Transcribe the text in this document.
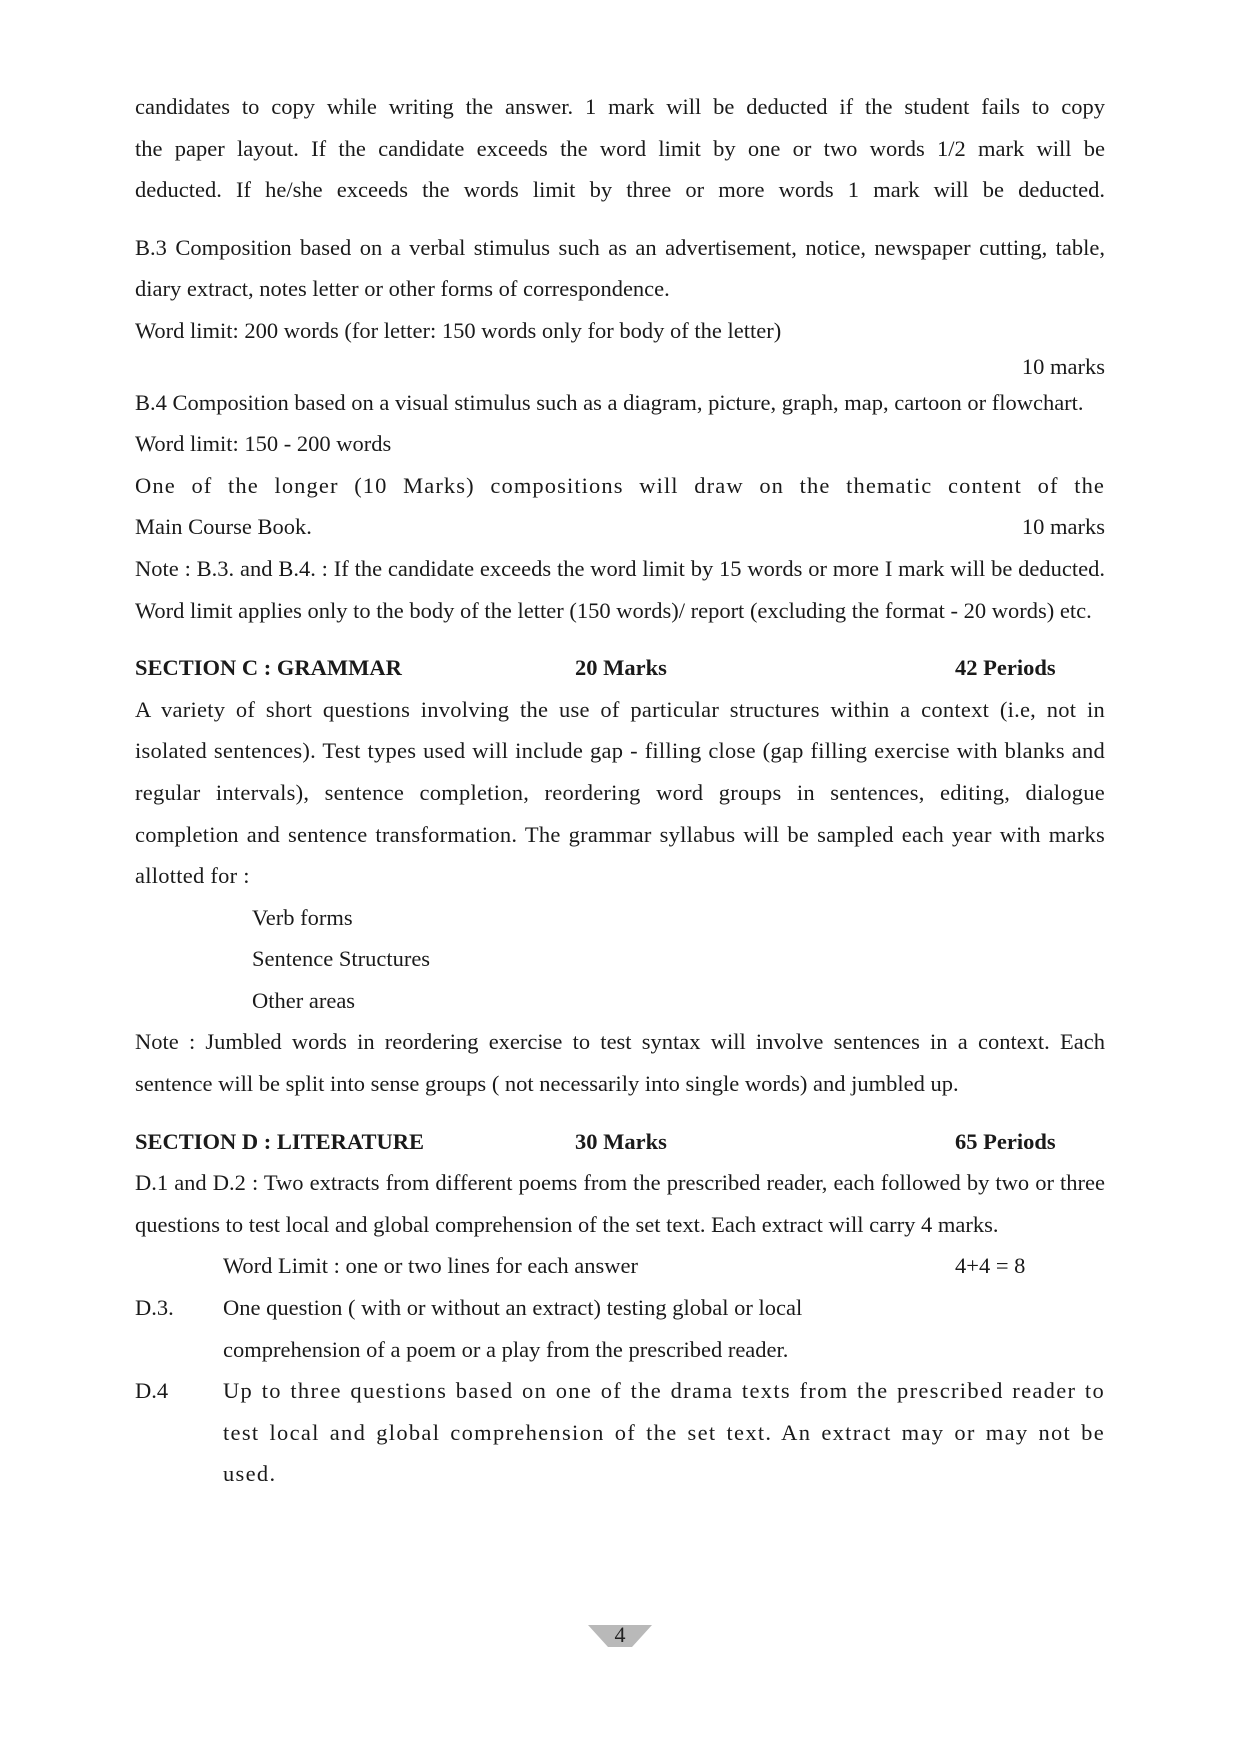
candidates to copy while writing the answer. 1 mark will be deducted if the student fails to copy

the paper layout. If the candidate exceeds the word limit by one or two words 1/2 mark will be

deducted. If he/she exceeds the words limit by three or more words 1 mark will be deducted.

B.3 Composition based on a verbal stimulus such as an advertisement, notice, newspaper cutting, table, diary extract, notes letter or other forms of correspondence.

Word limit: 200 words (for letter: 150 words only for body of the letter)

10 marks

B.4 Composition based on a visual stimulus such as a diagram, picture, graph, map, cartoon or flowchart.

Word limit: 150 - 200 words

One of the longer (10 Marks) compositions will draw on the thematic content of the

Main Course Book.	10 marks

Note : B.3. and B.4. : If the candidate exceeds the word limit by 15 words or more I mark will be deducted. Word limit applies only to the body of the letter (150 words)/ report (excluding the format - 20 words) etc.

SECTION C : GRAMMAR	20 Marks	42 Periods

A variety of short questions involving the use of particular structures within a context (i.e, not in isolated sentences). Test types used will include gap - filling close (gap filling exercise with blanks and regular intervals), sentence completion, reordering word groups in sentences, editing, dialogue completion and sentence transformation. The grammar syllabus will be sampled each year with marks allotted for :

Verb forms
Sentence Structures
Other areas

Note : Jumbled words in reordering exercise to test syntax will involve sentences in a context. Each sentence will be split into sense groups ( not necessarily into single words) and jumbled up.

SECTION D : LITERATURE	30 Marks	65 Periods

D.1 and D.2 : Two extracts from different poems from the prescribed reader, each followed by two or three questions to test local and global comprehension of the set text. Each extract will carry 4 marks.

Word Limit : one or two lines for each answer	4+4 = 8
D.3.	One question ( with or without an extract) testing global or local
comprehension of a poem or a play from the prescribed reader.
D.4	Up to three questions based on one of the drama texts from the prescribed reader to test local and global comprehension of the set text. An extract may or may not be used.
4
